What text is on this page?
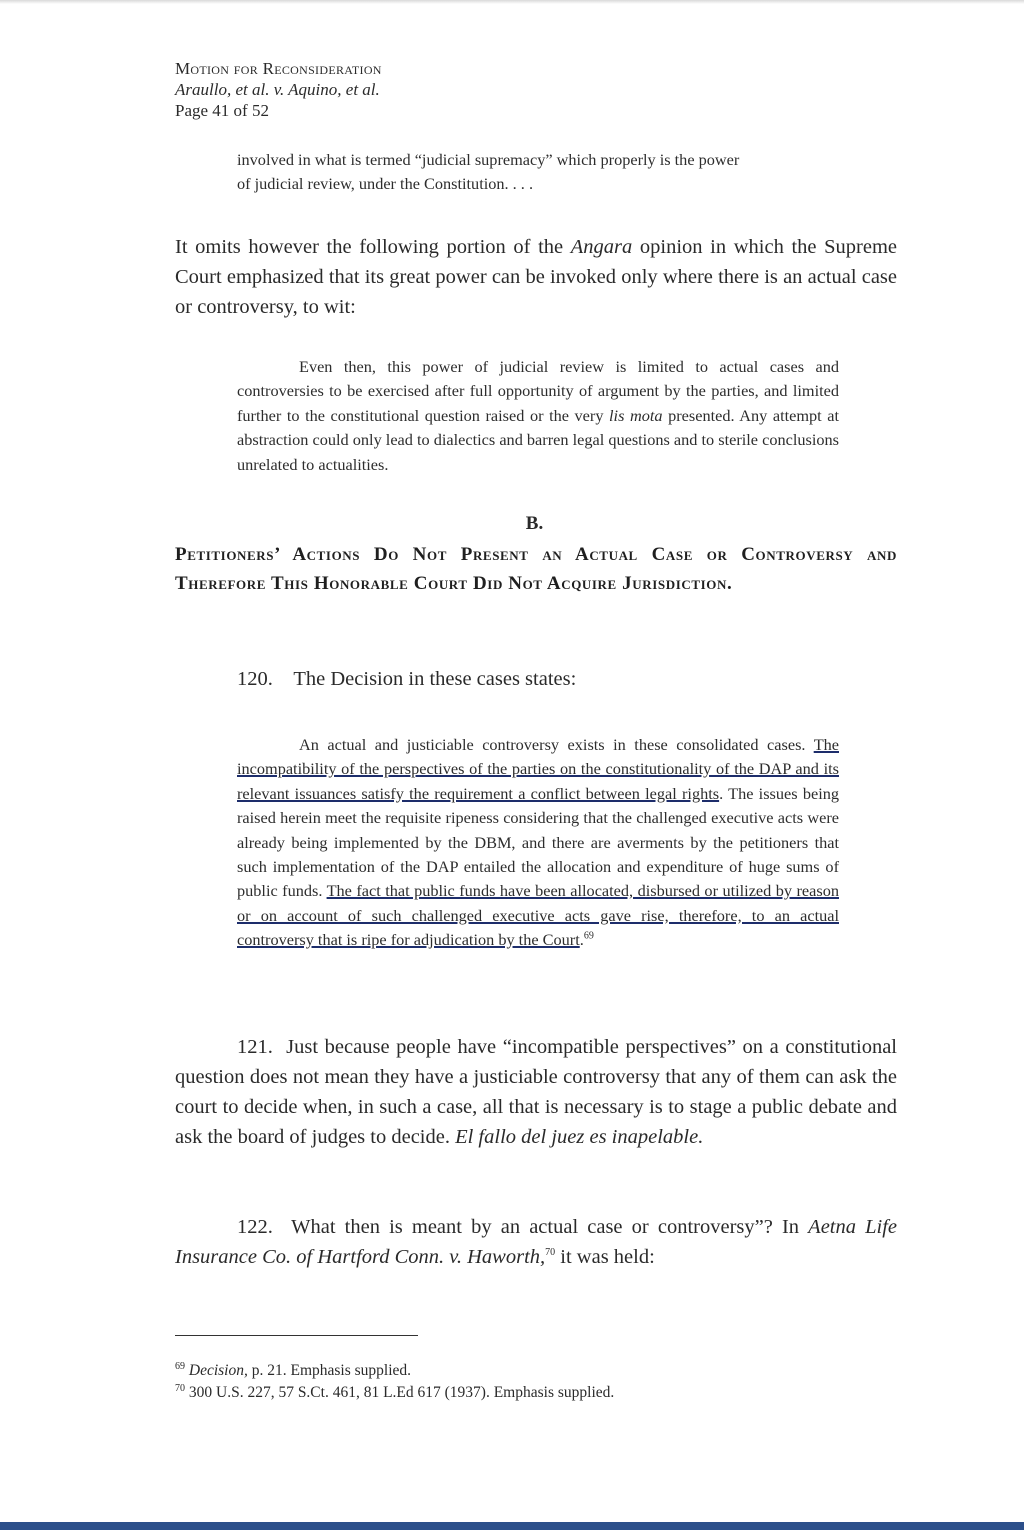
Motion for Reconsideration
Araullo, et al. v. Aquino, et al.
Page 41 of 52
involved in what is termed “judicial supremacy” which properly is the power
of judicial review, under the Constitution. . . .
It omits however the following portion of the Angara opinion in which the Supreme Court emphasized that its great power can be invoked only where there is an actual case or controversy, to wit:
Even then, this power of judicial review is limited to actual cases and controversies to be exercised after full opportunity of argument by the parties, and limited further to the constitutional question raised or the very lis mota presented. Any attempt at abstraction could only lead to dialectics and barren legal questions and to sterile conclusions unrelated to actualities.
B.
Petitioners’ Actions Do Not Present an Actual Case or Controversy and Therefore This Honorable Court Did Not Acquire Jurisdiction.
120. The Decision in these cases states:
An actual and justiciable controversy exists in these consolidated cases. The incompatibility of the perspectives of the parties on the constitutionality of the DAP and its relevant issuances satisfy the requirement a conflict between legal rights. The issues being raised herein meet the requisite ripeness considering that the challenged executive acts were already being implemented by the DBM, and there are averments by the petitioners that such implementation of the DAP entailed the allocation and expenditure of huge sums of public funds. The fact that public funds have been allocated, disbursed or utilized by reason or on account of such challenged executive acts gave rise, therefore, to an actual controversy that is ripe for adjudication by the Court.$^{69}$
121. Just because people have “incompatible perspectives” on a constitutional question does not mean they have a justiciable controversy that any of them can ask the court to decide when, in such a case, all that is necessary is to stage a public debate and ask the board of judges to decide. El fallo del juez es inapelable.
122. What then is meant by an actual case or controversy”? In Aetna Life Insurance Co. of Hartford Conn. v. Haworth,$^{70}$ it was held:
$^{69}$ Decision, p. 21. Emphasis supplied.
$^{70}$ 300 U.S. 227, 57 S.Ct. 461, 81 L.Ed 617 (1937). Emphasis supplied.
